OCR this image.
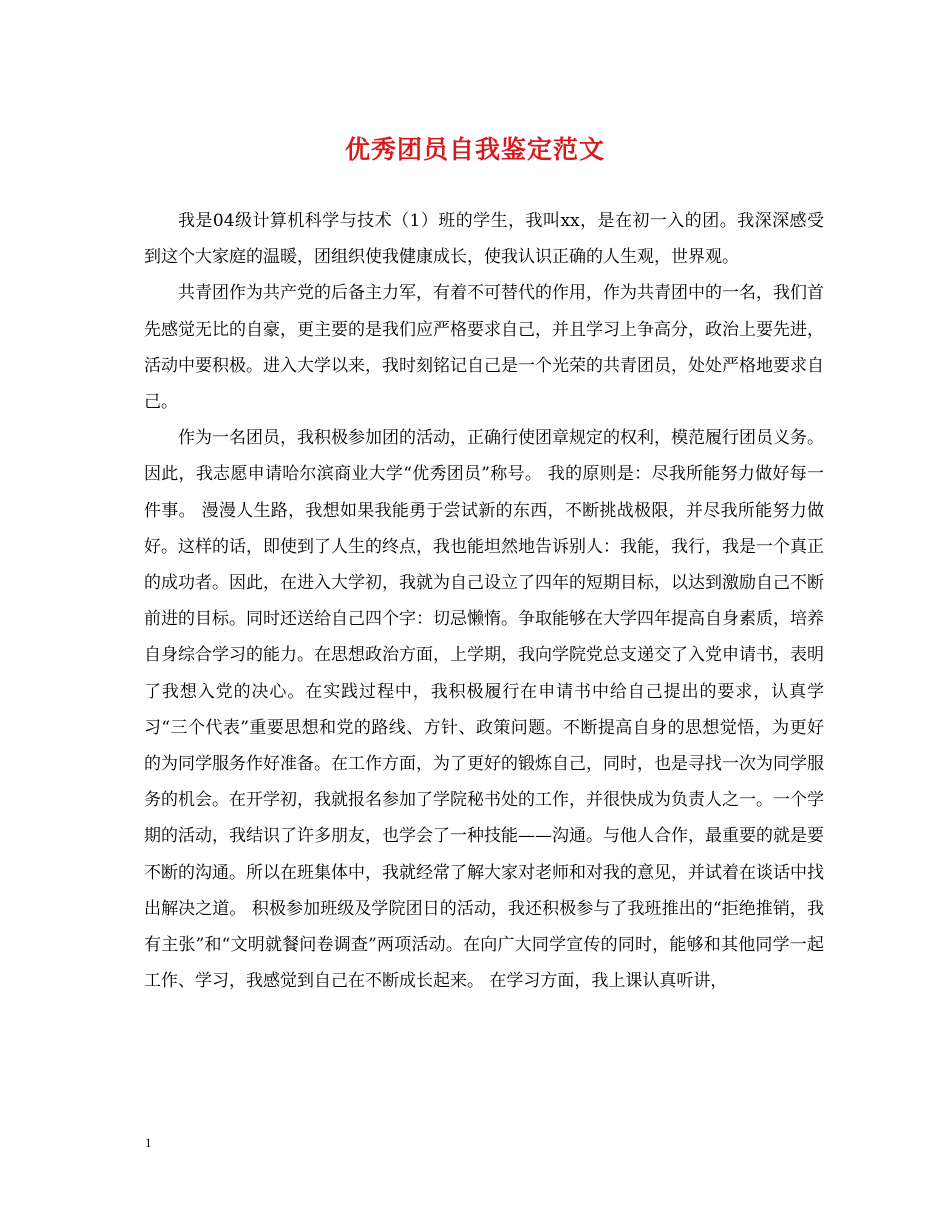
优秀团员自我鉴定范文

我是04级计算机科学与技术（1）班的学生，我叫xx，是在初一入的团。我深深感受到这个大家庭的温暖，团组织使我健康成长，使我认识正确的人生观，世界观。

共青团作为共产党的后备主力军，有着不可替代的作用，作为共青团中的一名，我们首先感觉无比的自豪，更主要的是我们应严格要求自己，并且学习上争高分，政治上要先进，活动中要积极。进入大学以来，我时刻铭记自己是一个光荣的共青团员，处处严格地要求自己。

作为一名团员，我积极参加团的活动，正确行使团章规定的权利，模范履行团员义务。因此，我志愿申请哈尔滨商业大学“优秀团员”称号。 我的原则是：尽我所能努力做好每一件事。 漫漫人生路，我想如果我能勇于尝试新的东西，不断挑战极限，并尽我所能努力做好。这样的话，即使到了人生的终点，我也能坦然地告诉别人：我能，我行，我是一个真正的成功者。因此，在进入大学初，我就为自己设立了四年的短期目标，以达到激励自己不断前进的目标。同时还送给自己四个字：切忌懒惰。争取能够在大学四年提高自身素质，培养自身综合学习的能力。在思想政治方面，上学期，我向学院党总支递交了入党申请书，表明了我想入党的决心。在实践过程中，我积极履行在申请书中给自己提出的要求，认真学习“三个代表”重要思想和党的路线、方针、政策问题。不断提高自身的思想觉悟，为更好的为同学服务作好准备。在工作方面，为了更好的锻炼自己，同时，也是寻找一次为同学服务的机会。在开学初，我就报名参加了学院秘书处的工作，并很快成为负责人之一。一个学期的活动，我结识了许多朋友，也学会了一种技能——沟通。与他人合作，最重要的就是要不断的沟通。所以在班集体中，我就经常了解大家对老师和对我的意见，并试着在谈话中找出解决之道。 积极参加班级及学院团日的活动，我还积极参与了我班推出的“拒绝推销，我有主张”和“文明就餐问卷调查”两项活动。在向广大同学宣传的同时，能够和其他同学一起工作、学习，我感觉到自己在不断成长起来。 在学习方面，我上课认真听讲，

1
